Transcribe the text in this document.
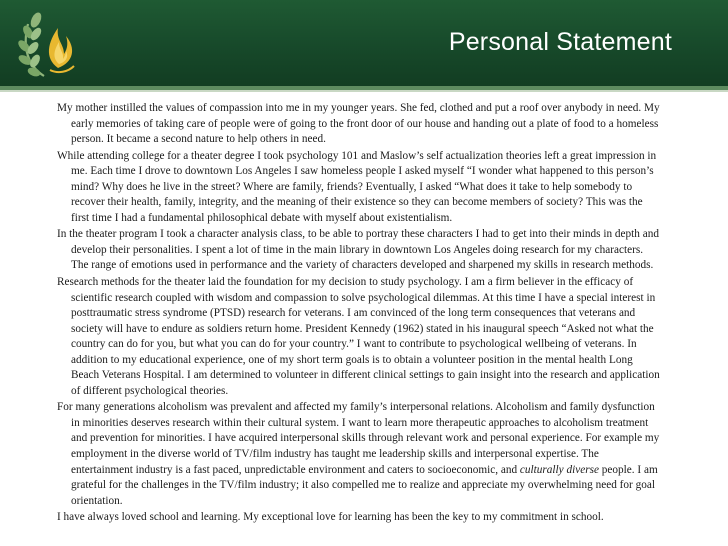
Personal Statement

My mother instilled the values of compassion into me in my younger years. She fed, clothed and put a roof over anybody in need. My early memories of taking care of people were of going to the front door of our house and handing out a plate of food to a homeless person. It became a second nature to help others in need.

While attending college for a theater degree I took psychology 101 and Maslow’s self actualization theories left a great impression in me. Each time I drove to downtown Los Angeles I saw homeless people I asked myself “I wonder what happened to this person’s mind? Why does he live in the street? Where are family, friends? Eventually, I asked “What does it take to help somebody to recover their health, family, integrity, and the meaning of their existence so they can become members of society? This was the first time I had a fundamental philosophical debate with myself about existentialism.

In the theater program I took a character analysis class, to be able to portray these characters I had to get into their minds in depth and develop their personalities. I spent a lot of time in the main library in downtown Los Angeles doing research for my characters. The range of emotions used in performance and the variety of characters developed and sharpened my skills in research methods.

Research methods for the theater laid the foundation for my decision to study psychology. I am a firm believer in the efficacy of scientific research coupled with wisdom and compassion to solve psychological dilemmas. At this time I have a special interest in posttraumatic stress syndrome (PTSD) research for veterans. I am convinced of the long term consequences that veterans and society will have to endure as soldiers return home. President Kennedy (1962) stated in his inaugural speech “Asked not what the country can do for you, but what you can do for your country.” I want to contribute to psychological wellbeing of veterans. In addition to my educational experience, one of my short term goals is to obtain a volunteer position in the mental health Long Beach Veterans Hospital. I am determined to volunteer in different clinical settings to gain insight into the research and application of different psychological theories.

For many generations alcoholism was prevalent and affected my family’s interpersonal relations. Alcoholism and family dysfunction in minorities deserves research within their cultural system. I want to learn more therapeutic approaches to alcoholism treatment and prevention for minorities. I have acquired interpersonal skills through relevant work and personal experience. For example my employment in the diverse world of TV/film industry has taught me leadership skills and interpersonal expertise. The entertainment industry is a fast paced, unpredictable environment and caters to socioeconomic, and culturally diverse people. I am grateful for the challenges in the TV/film industry; it also compelled me to realize and appreciate my overwhelming need for goal orientation.

I have always loved school and learning. My exceptional love for learning has been the key to my commitment in school.
